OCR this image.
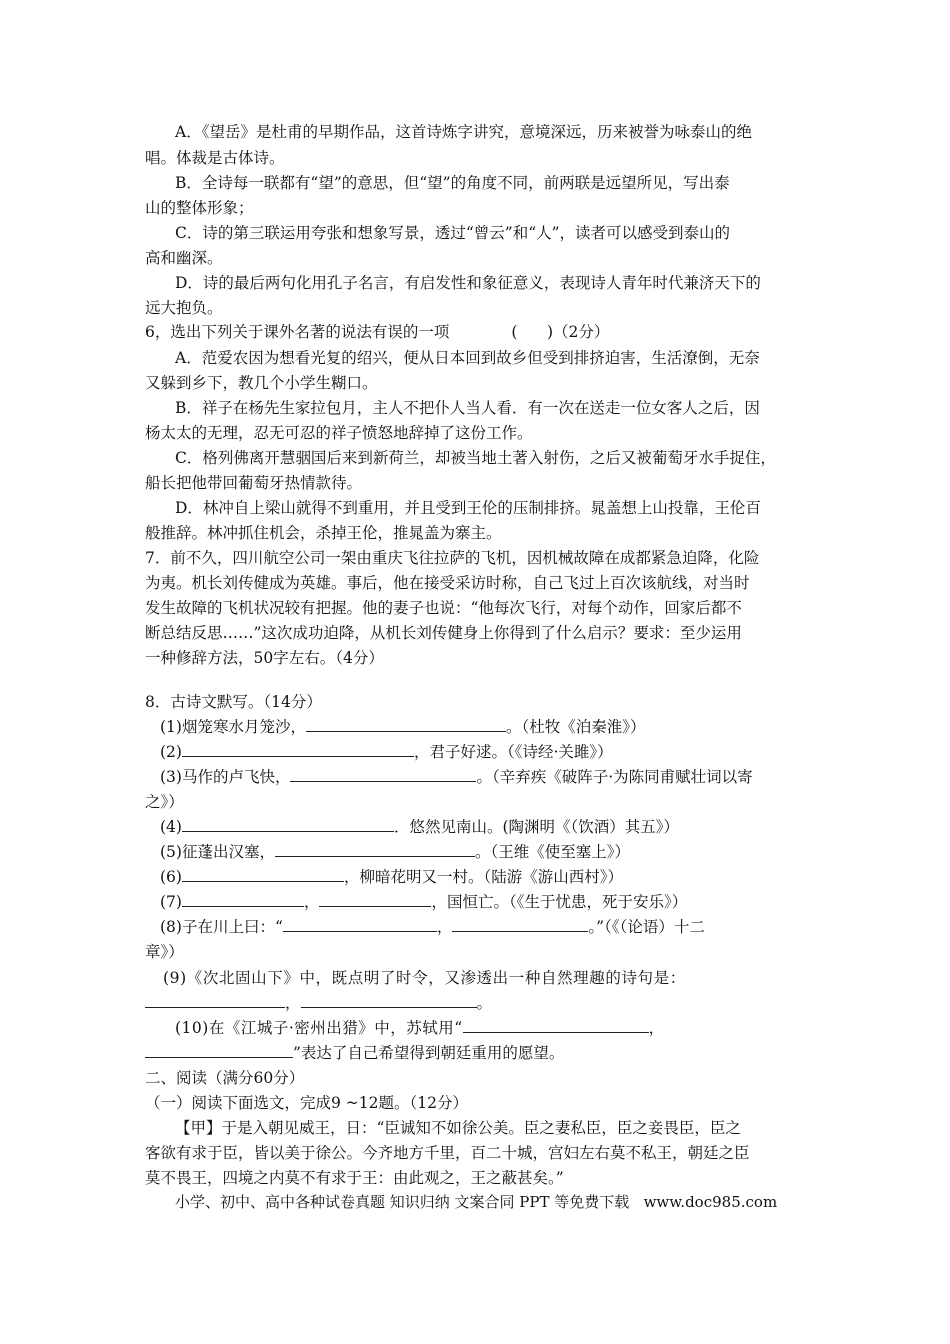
A．《望岳》是杜甫的早期作品，这首诗炼字讲究，意境深远，历来被誉为咏泰山的绝
唱。体裁是古体诗。
B．全诗每一联都有“望”的意思，但“望”的角度不同，前两联是远望所见，写出泰
山的整体形象；
C．诗的第三联运用夸张和想象写景，透过“曾云”和“人”，读者可以感受到泰山的
高和幽深。
D．诗的最后两句化用孔子名言，有启发性和象征意义，表现诗人青年时代兼济天下的
远大抱负。
6，选出下列关于课外名著的说法有误的一项	(      )（2分）
A．范爱农因为想看光复的绍兴，便从日本回到故乡但受到排挤迫害，生活潦倒，无奈
又躲到乡下，教几个小学生糊口。
B．祥子在杨先生家拉包月，主人不把仆人当人看．有一次在送走一位女客人之后，因
杨太太的无理，忍无可忍的祥子愤怒地辞掉了这份工作。
C．格列佛离开慧骃国后来到新荷兰，却被当地土著入射伤，之后又被葡萄牙水手捉住，
船长把他带回葡萄牙热情款待。
D．林冲自上梁山就得不到重用，并且受到王伦的压制排挤。晁盖想上山投靠，王伦百
般推辞。林冲抓住机会，杀掉王伦，推晁盖为寨主。
7．前不久，四川航空公司一架由重庆飞往拉萨的飞机，因机械故障在成都紧急迫降，化险
为夷。机长刘传健成为英雄。事后，他在接受采访时称，自己飞过上百次该航线，对当时
发生故障的飞机状况较有把握。他的妻子也说：“他每次飞行，对每个动作，回家后都不
断总结反思……”这次成功迫降，从机长刘传健身上你得到了什么启示？要求：至少运用
一种修辞方法，50字左右。（4分）
8．古诗文默写。（14分）
(1)烟笼寒水月笼沙，	。（杜牧《泊秦淮》）
(2)	，君子好逑。（《诗经·关雎》）
(3)马作的卢飞快，	。（辛弃疾《破阵子·为陈同甫赋壮词以寄
之》）
(4)	．悠然见南山。(陶渊明《（饮酒）其五》）
(5)征蓬出汉塞，	。（王维《使至塞上》）
(6)	，柳暗花明又一村。（陆游《游山西村》）
(7)	，	，国恒亡。（《生于忧患，死于安乐》）
(8)子在川上曰：“	，	。”（《（论语）十二
章》）
(9)《次北固山下》中，既点明了时令，又渗透出一种自然理趣的诗句是：
，	。
(10)在《江城子·密州出猎》中，苏轼用“	，
”表达了自己希望得到朝廷重用的愿望。
二、阅读（满分60分）
（一）阅读下面选文，完成9 ~12题。（12分）
【甲】于是入朝见威王，日：“臣诚知不如徐公美。臣之妻私臣，臣之妾畏臣，臣之
客欲有求于臣，皆以美于徐公。今齐地方千里，百二十城，宫妇左右莫不私王，朝廷之臣
莫不畏王，四境之内莫不有求于王：由此观之，王之蔽甚矣。”
小学、初中、高中各种试卷真题 知识归纳 文案合同 PPT 等免费下载   www.doc985.com
